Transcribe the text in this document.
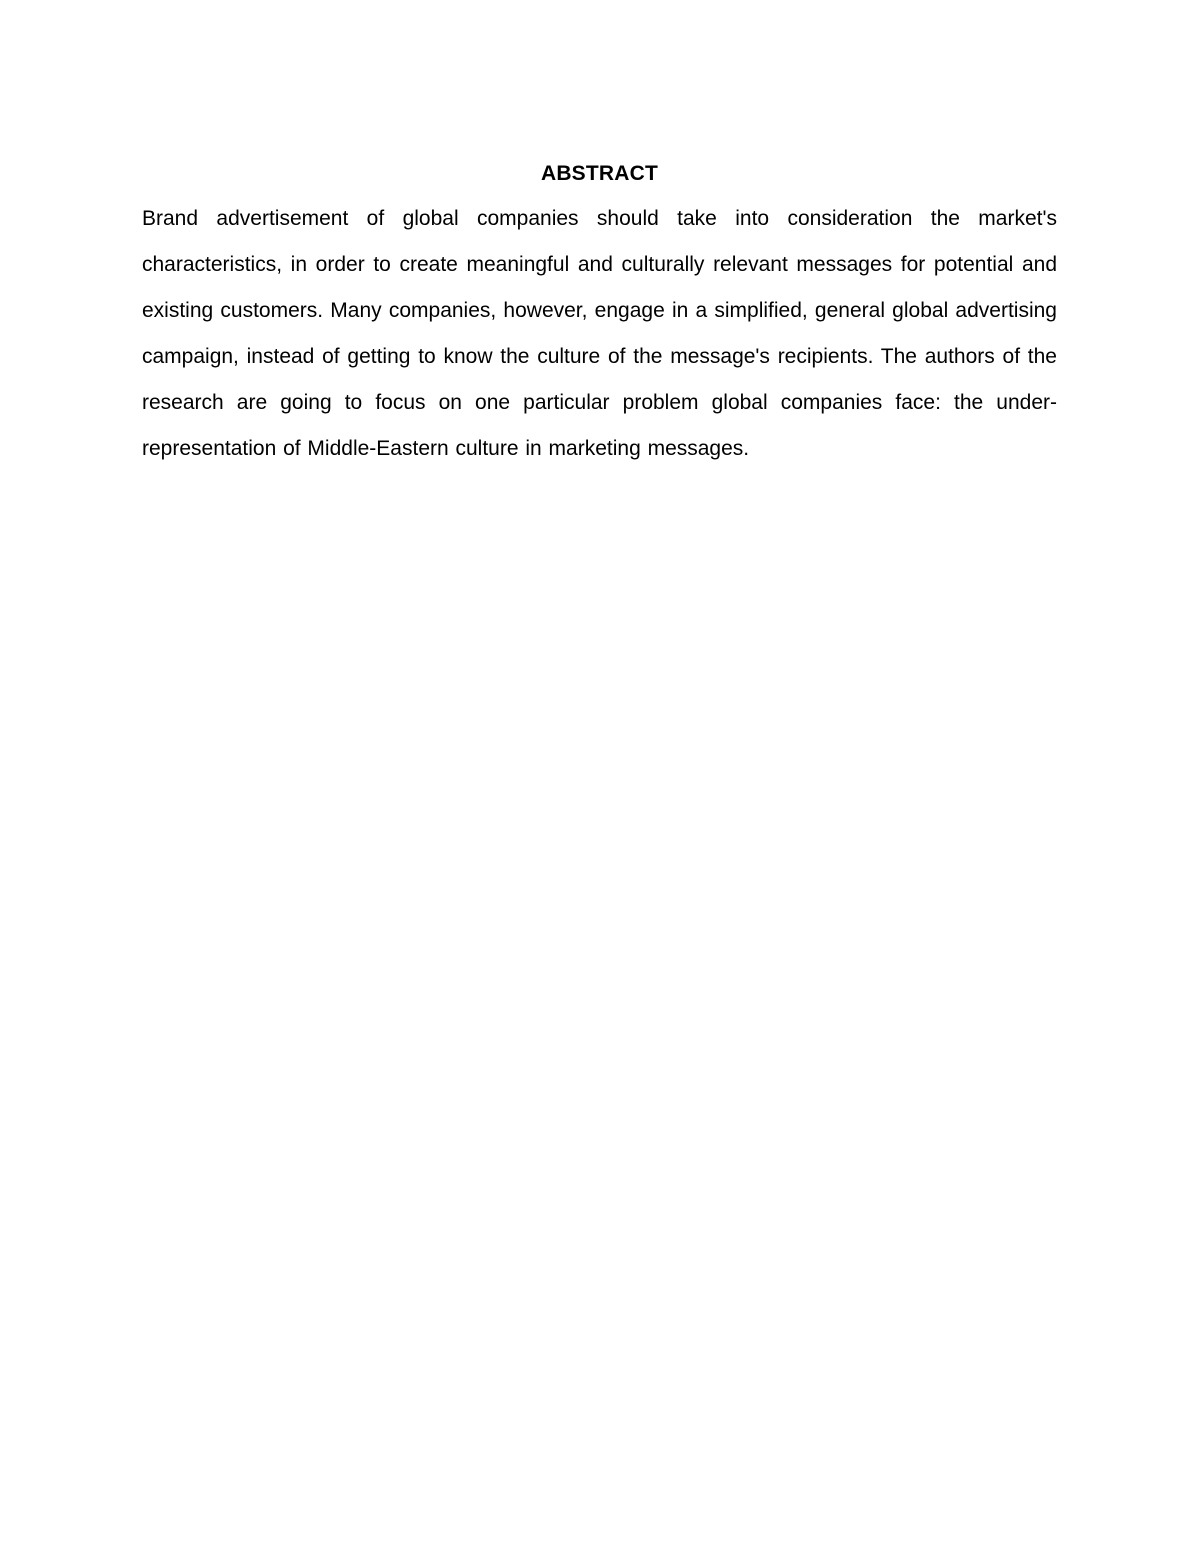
ABSTRACT

Brand advertisement of global companies should take into consideration the market's characteristics, in order to create meaningful and culturally relevant messages for potential and existing customers. Many companies, however, engage in a simplified, general global advertising campaign, instead of getting to know the culture of the message's recipients. The authors of the research are going to focus on one particular problem global companies face: the under-representation of Middle-Eastern culture in marketing messages.
